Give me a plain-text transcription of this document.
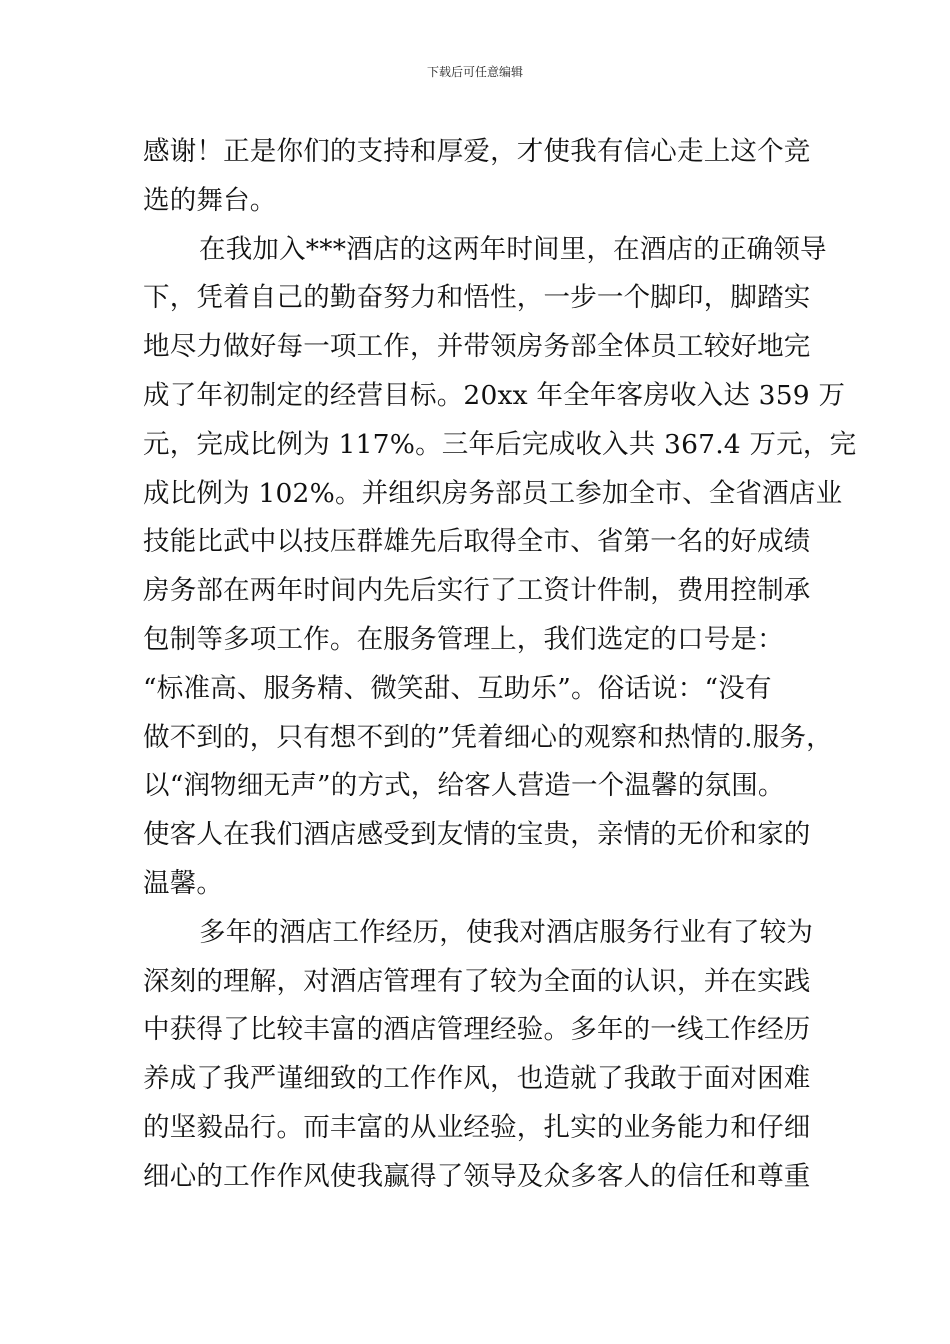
下载后可任意编辑
感谢！正是你们的支持和厚爱，才使我有信心走上这个竞
选的舞台。
在我加入***酒店的这两年时间里，在酒店的正确领导
下，凭着自己的勤奋努力和悟性，一步一个脚印，脚踏实
地尽力做好每一项工作，并带领房务部全体员工较好地完
成了年初制定的经营目标。20xx 年全年客房收入达 359 万
元，完成比例为 117%。三年后完成收入共 367.4 万元，完
成比例为 102%。并组织房务部员工参加全市、全省酒店业
技能比武中以技压群雄先后取得全市、省第一名的好成绩
房务部在两年时间内先后实行了工资计件制，费用控制承
包制等多项工作。在服务管理上，我们选定的口号是：
“标准高、服务精、微笑甜、互助乐”。俗话说：“没有
做不到的，只有想不到的”凭着细心的观察和热情的.服务，
以“润物细无声”的方式，给客人营造一个温馨的氛围。
使客人在我们酒店感受到友情的宝贵，亲情的无价和家的
温馨。
多年的酒店工作经历，使我对酒店服务行业有了较为
深刻的理解，对酒店管理有了较为全面的认识，并在实践
中获得了比较丰富的酒店管理经验。多年的一线工作经历
养成了我严谨细致的工作作风，也造就了我敢于面对困难
的坚毅品行。而丰富的从业经验，扎实的业务能力和仔细
细心的工作作风使我赢得了领导及众多客人的信任和尊重
